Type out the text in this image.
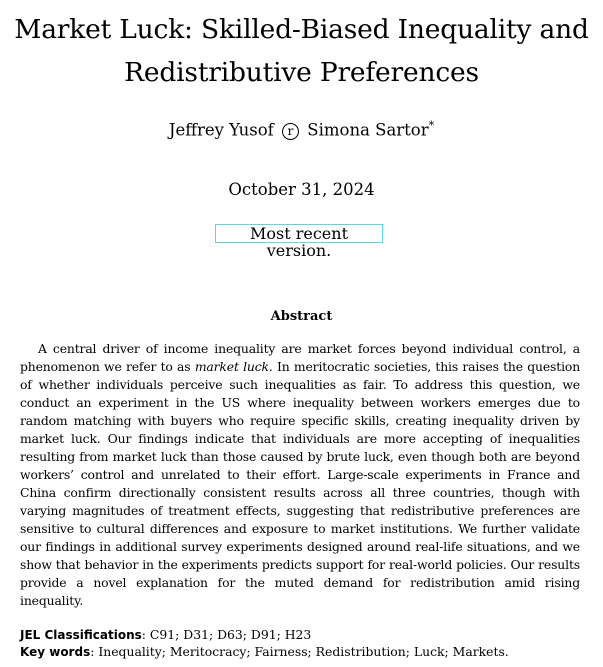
Market Luck: Skilled-Biased Inequality and
Redistributive Preferences
Jeffrey Yusof r Simona Sartor*
October 31, 2024
Most recent version.
Abstract
A central driver of income inequality are market forces beyond individual control, a phenomenon we refer to as market luck. In meritocratic societies, this raises the question of whether individuals perceive such inequalities as fair. To address this question, we conduct an experiment in the US where inequality between workers emerges due to random matching with buyers who require specific skills, creating inequality driven by market luck. Our findings indicate that individuals are more accepting of inequalities resulting from market luck than those caused by brute luck, even though both are beyond workers’ control and unrelated to their effort. Large-scale experiments in France and China confirm directionally consistent results across all three countries, though with varying magnitudes of treatment effects, suggesting that redistributive preferences are sensitive to cultural differences and exposure to market institutions. We further validate our findings in additional survey experiments designed around real-life situations, and we show that behavior in the experiments predicts support for real-world policies. Our results provide a novel explanation for the muted demand for redistribution amid rising inequality.
JEL Classifications: C91; D31; D63; D91; H23
Key words: Inequality; Meritocracy; Fairness; Redistribution; Luck; Markets.
